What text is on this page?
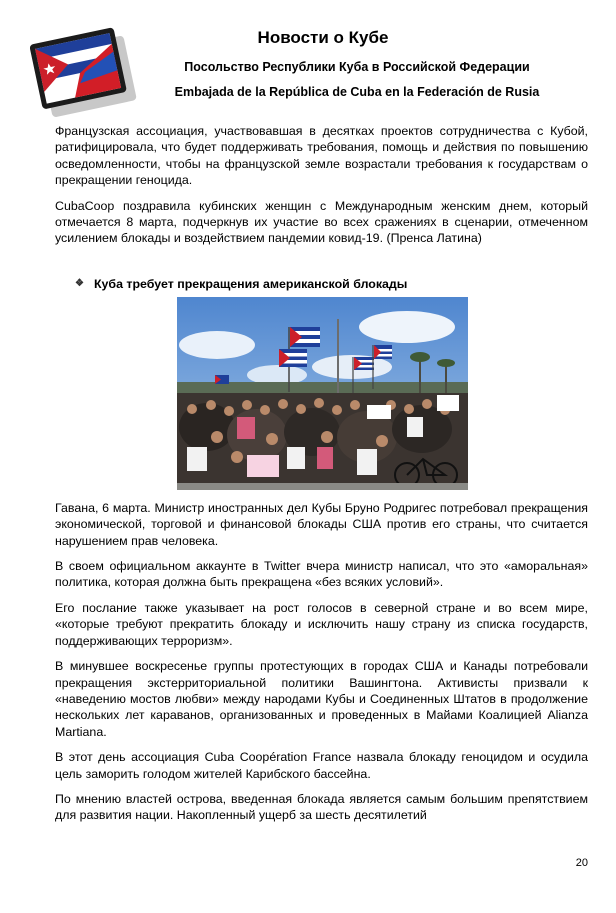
Новости о Кубе
Посольство Республики Куба в Российской Федерации
Embajada de la República de Cuba en la Federación de Rusia

Французская ассоциация, участвовавшая в десятках проектов сотрудничества с Кубой, ратифицировала, что будет поддерживать требования, помощь и действия по повышению осведомленности, чтобы на французской земле возрастали требования к государствам о прекращении геноцида.

CubaCoop поздравила кубинских женщин с Международным женским днем, который отмечается 8 марта, подчеркнув их участие во всех сражениях в сценарии, отмеченном усилением блокады и воздействием пандемии ковид-19. (Пренса Латина)

❖ Куба требует прекращения американской блокады

Гавана, 6 марта. Министр иностранных дел Кубы Бруно Родригес потребовал прекращения экономической, торговой и финансовой блокады США против его страны, что считается нарушением прав человека.

В своем официальном аккаунте в Twitter вчера министр написал, что это «аморальная» политика, которая должна быть прекращена «без всяких условий».

Его послание также указывает на рост голосов в северной стране и во всем мире, «которые требуют прекратить блокаду и исключить нашу страну из списка государств, поддерживающих терроризм».

В минувшее воскресенье группы протестующих в городах США и Канады потребовали прекращения экстерриториальной политики Вашингтона. Активисты призвали к «наведению мостов любви» между народами Кубы и Соединенных Штатов в продолжение нескольких лет караванов, организованных и проведенных в Майами Коалицией Alianza Martiana.

В этот день ассоциация Cuba Coopération France назвала блокаду геноцидом и осудила цель заморить голодом жителей Карибского бассейна.

По мнению властей острова, введенная блокада является самым большим препятствием для развития нации. Накопленный ущерб за шесть десятилетий

20
